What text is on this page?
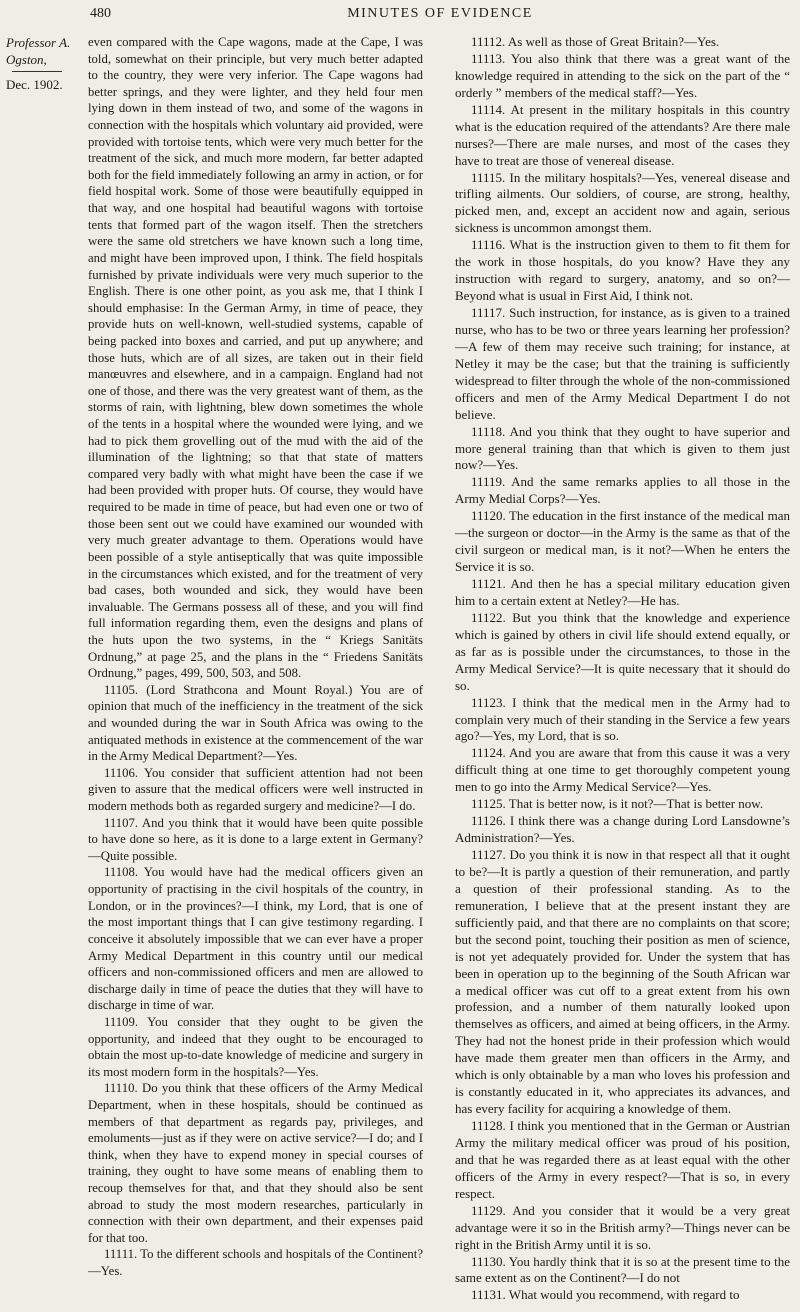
480	MINUTES OF EVIDENCE
Professor A. Ogston,
Dec. 1902.

even compared with the Cape wagons, made at the Cape, I was told, somewhat on their principle, but very much better adapted to the country, they were very inferior. The Cape wagons had better springs, and they were lighter, and they held four men lying down in them instead of two, and some of the wagons in connection with the hospitals which voluntary aid provided, were provided with tortoise tents, which were very much better for the treatment of the sick, and much more modern, far better adapted both for the field immediately following an army in action, or for field hospital work. Some of those were beautifully equipped in that way, and one hospital had beautiful wagons with tortoise tents that formed part of the wagon itself. Then the stretchers were the same old stretchers we have known such a long time, and might have been improved upon, I think. The field hospitals furnished by private individuals were very much superior to the English. There is one other point, as you ask me, that I think I should emphasise: In the German Army, in time of peace, they provide huts on well-known, well-studied systems, capable of being packed into boxes and carried, and put up anywhere; and those huts, which are of all sizes, are taken out in their field manœuvres and elsewhere, and in a campaign. England had not one of those, and there was the very greatest want of them, as the storms of rain, with lightning, blew down sometimes the whole of the tents in a hospital where the wounded were lying, and we had to pick them grovelling out of the mud with the aid of the illumination of the lightning; so that that state of matters compared very badly with what might have been the case if we had been provided with proper huts. Of course, they would have required to be made in time of peace, but had even one or two of those been sent out we could have examined our wounded with very much greater advantage to them. Operations would have been possible of a style antiseptically that was quite impossible in the circumstances which existed, and for the treatment of very bad cases, both wounded and sick, they would have been invaluable. The Germans possess all of these, and you will find full information regarding them, even the designs and plans of the huts upon the two systems, in the “ Kriegs Sanitäts Ordnung,” at page 25, and the plans in the “ Friedens Sanitäts Ordnung,” pages, 499, 500, 503, and 508.

11105. (Lord Strathcona and Mount Royal.) You are of opinion that much of the inefficiency in the treatment of the sick and wounded during the war in South Africa was owing to the antiquated methods in existence at the commencement of the war in the Army Medical Department?—Yes.

11106. You consider that sufficient attention had not been given to assure that the medical officers were well instructed in modern methods both as regarded surgery and medicine?—I do.

11107. And you think that it would have been quite possible to have done so here, as it is done to a large extent in Germany?—Quite possible.

11108. You would have had the medical officers given an opportunity of practising in the civil hospitals of the country, in London, or in the provinces?—I think, my Lord, that is one of the most important things that I can give testimony regarding. I conceive it absolutely impossible that we can ever have a proper Army Medical Department in this country until our medical officers and non-commissioned officers and men are allowed to discharge daily in time of peace the duties that they will have to discharge in time of war.

11109. You consider that they ought to be given the opportunity, and indeed that they ought to be encouraged to obtain the most up-to-date knowledge of medicine and surgery in its most modern form in the hospitals?—Yes.

11110. Do you think that these officers of the Army Medical Department, when in these hospitals, should be continued as members of that department as regards pay, privileges, and emoluments—just as if they were on active service?—I do; and I think, when they have to expend money in special courses of training, they ought to have some means of enabling them to recoup themselves for that, and that they should also be sent abroad to study the most modern researches, particularly in connection with their own department, and their expenses paid for that too.

11111. To the different schools and hospitals of the Continent?—Yes.

11112. As well as those of Great Britain?—Yes.

11113. You also think that there was a great want of the knowledge required in attending to the sick on the part of the “ orderly ” members of the medical staff?—Yes.

11114. At present in the military hospitals in this country what is the education required of the attendants? Are there male nurses?—There are male nurses, and most of the cases they have to treat are those of venereal disease.

11115. In the military hospitals?—Yes, venereal disease and trifling ailments. Our soldiers, of course, are strong, healthy, picked men, and, except an accident now and again, serious sickness is uncommon amongst them.

11116. What is the instruction given to them to fit them for the work in those hospitals, do you know? Have they any instruction with regard to surgery, anatomy, and so on?—Beyond what is usual in First Aid, I think not.

11117. Such instruction, for instance, as is given to a trained nurse, who has to be two or three years learning her profession?—A few of them may receive such training; for instance, at Netley it may be the case; but that the training is sufficiently widespread to filter through the whole of the non-commissioned officers and men of the Army Medical Department I do not believe.

11118. And you think that they ought to have superior and more general training than that which is given to them just now?—Yes.

11119. And the same remarks applies to all those in the Army Medial Corps?—Yes.

11120. The education in the first instance of the medical man—the surgeon or doctor—in the Army is the same as that of the civil surgeon or medical man, is it not?—When he enters the Service it is so.

11121. And then he has a special military education given him to a certain extent at Netley?—He has.

11122. But you think that the knowledge and experience which is gained by others in civil life should extend equally, or as far as is possible under the circumstances, to those in the Army Medical Service?—It is quite necessary that it should do so.

11123. I think that the medical men in the Army had to complain very much of their standing in the Service a few years ago?—Yes, my Lord, that is so.

11124. And you are aware that from this cause it was a very difficult thing at one time to get thoroughly competent young men to go into the Army Medical Service?—Yes.

11125. That is better now, is it not?—That is better now.

11126. I think there was a change during Lord Lansdowne’s Administration?—Yes.

11127. Do you think it is now in that respect all that it ought to be?—It is partly a question of their remuneration, and partly a question of their professional standing. As to the remuneration, I believe that at the present instant they are sufficiently paid, and that there are no complaints on that score; but the second point, touching their position as men of science, is not yet adequately provided for. Under the system that has been in operation up to the beginning of the South African war a medical officer was cut off to a great extent from his own profession, and a number of them naturally looked upon themselves as officers, and aimed at being officers, in the Army. They had not the honest pride in their profession which would have made them greater men than officers in the Army, and which is only obtainable by a man who loves his profession and is constantly educated in it, who appreciates its advances, and has every facility for acquiring a knowledge of them.

11128. I think you mentioned that in the German or Austrian Army the military medical officer was proud of his position, and that he was regarded there as at least equal with the other officers of the Army in every respect?—That is so, in every respect.

11129. And you consider that it would be a very great advantage were it so in the British army?—Things never can be right in the British Army until it is so.

11130. You hardly think that it is so at the present time to the same extent as on the Continent?—I do not

11131. What would you recommend, with regard to
